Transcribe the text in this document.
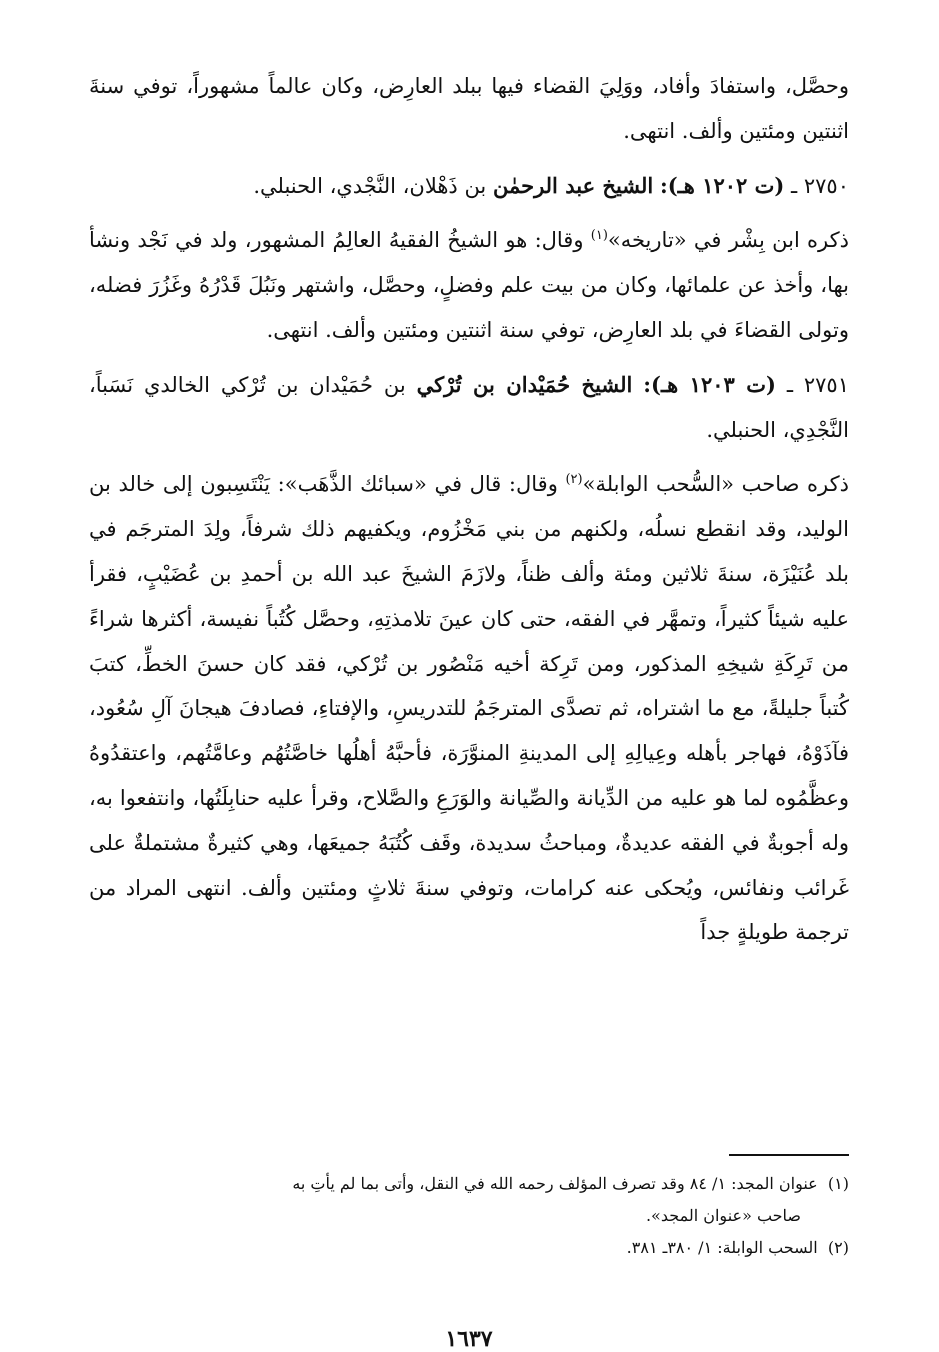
وحصَّل، واستفادَ وأفاد، ووَلِيَ القضاء فيها ببلد العارِض، وكان عالماً مشهوراً، توفي سنةَ اثنتين ومئتين وألف. انتهى.

٢٧٥٠ ـ (ت ١٢٠٢ هـ): الشيخ عبد الرحمٰن بن ذَهْلان، النَّجْدي، الحنبلي.

ذكره ابن بِشْر في «تاريخه»$^{(١)}$ وقال: هو الشيخُ الفقيهُ العالِمُ المشهور، ولد في نَجْد ونشأ بها، وأخذ عن علمائها، وكان من بيت علم وفضلٍ، وحصَّل، واشتهر ونَبُلَ قَدْرُهُ وغَزُرَ فضله، وتولى القضاءَ في بلد العارِض، توفي سنة اثنتين ومئتين وألف. انتهى.

٢٧٥١ ـ (ت ١٢٠٣ هـ): الشيخ حُمَيْدان بن تُرْكي بن حُمَيْدان بن تُرْكي الخالدي نَسَباً، النَّجْدِي، الحنبلي.

ذكره صاحب «السُّحب الوابلة»$^{(٢)}$ وقال: قال في «سبائك الذَّهَب»: يَنْتَسِبون إلى خالد بن الوليد، وقد انقطع نسلُه، ولكنهم من بني مَخْزُوم، ويكفيهم ذلك شرفاً، ولِدَ المترجَم في بلد عُنَيْزَة، سنةَ ثلاثين ومئة وألف ظناً، ولازَمَ الشيخَ عبد الله بن أحمدِ بن عُضَيْبٍ، فقرأ عليه شيئاً كثيراً، وتمهَّر في الفقه، حتى كان عينَ تلامذتِهِ، وحصَّل كُتُباً نفيسة، أكثرها شراءً من تَرِكَةِ شيخِهِ المذكور، ومن تَرِكة أخيه مَنْصُور بن تُرْكي، فقد كان حسنَ الخطِّ، كتبَ كُتباً جليلةً، مع ما اشتراه، ثم تصدَّى المترجَمُ للتدريسِ، والإفتاءِ، فصادفَ هيجانَ آلِ سُعُود، فآذَوْهُ، فهاجر بأهله وعِيالِهِ إلى المدينةِ المنوَّرَة، فأحبَّهُ أهلُها خاصَّتُهُم وعامَّتُهم، واعتقدُوهُ وعظَّمُوه لما هو عليه من الدِّيانة والصِّيانة والوَرَعِ والصَّلاح، وقرأ عليه حنابِلَتُها، وانتفعوا به، وله أجوبةٌ في الفقه عديدةٌ، ومباحثُ سديدة، وقَف كُتُبَهُ جميعَها، وهي كثيرةٌ مشتملةٌ على غَرائب ونفائس، ويُحكى عنه كرامات، وتوفي سنةَ ثلاثٍ ومئتين وألف. انتهى المراد من ترجمة طويلةٍ جداً

(١)  عنوان المجد: ١/ ٨٤ وقد تصرف المؤلف رحمه الله في النقل، وأتى بما لم يأتِ به

صاحب «عنوان المجد».

(٢)  السحب الوابلة: ١/ ٣٨٠ـ ٣٨١.

١٦٣٧
